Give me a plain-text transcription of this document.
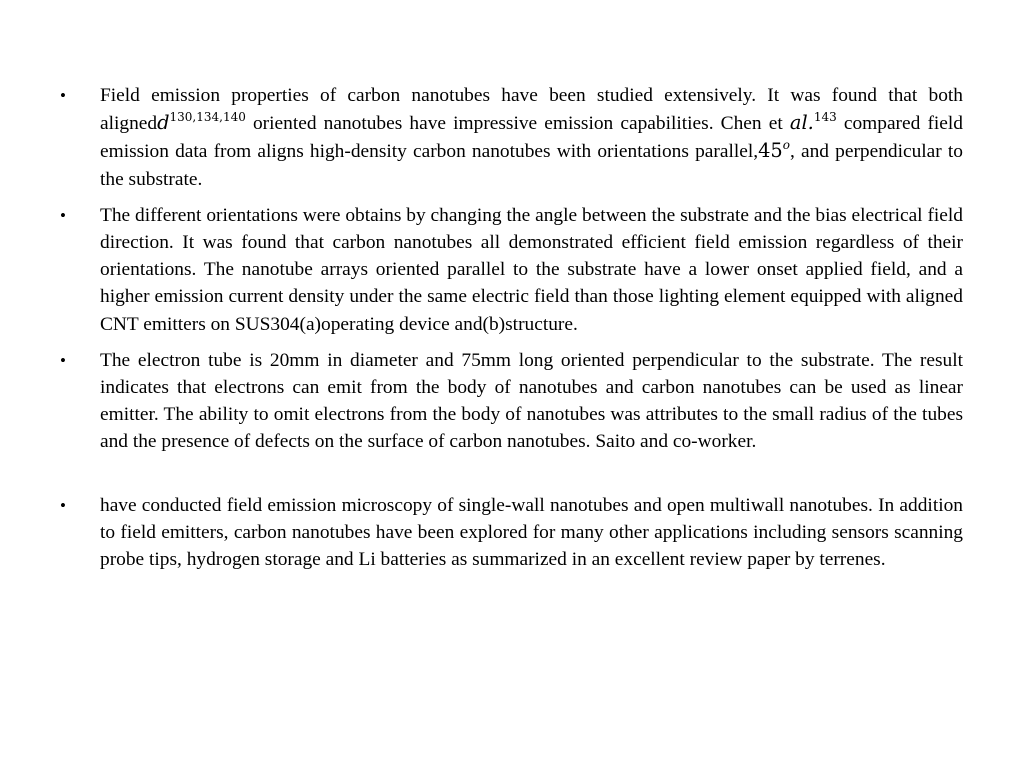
•	Field emission properties of carbon nanotubes have been studied extensively. It was found that both alignedd$^{130,134,140}$ oriented nanotubes have impressive emission capabilities. Chen et al.$^{143}$ compared field emission data from aligns high-density carbon nanotubes with orientations parallel,45$^o$, and perpendicular to the substrate.
•	The different orientations were obtains by changing the angle between the substrate and the bias electrical field direction. It was found that carbon nanotubes all demonstrated efficient field emission regardless of their orientations. The nanotube arrays oriented parallel to the substrate have a lower onset applied field, and a higher emission current density under the same electric field than those lighting element equipped with aligned CNT emitters on SUS304(a)operating device and(b)structure.
•	The electron tube is 20mm in diameter and 75mm long oriented perpendicular to the substrate. The result indicates that electrons can emit from the body of nanotubes and carbon nanotubes can be used as linear emitter. The ability to omit electrons from the body of nanotubes was attributes to the small radius of the tubes and the presence of defects on the surface of carbon nanotubes. Saito and co-worker.
•	have conducted field emission microscopy of single-wall nanotubes and open multiwall nanotubes. In addition to field emitters, carbon nanotubes have been explored for many other applications including sensors scanning probe tips, hydrogen storage and Li batteries as summarized in an excellent review paper by terrenes.
